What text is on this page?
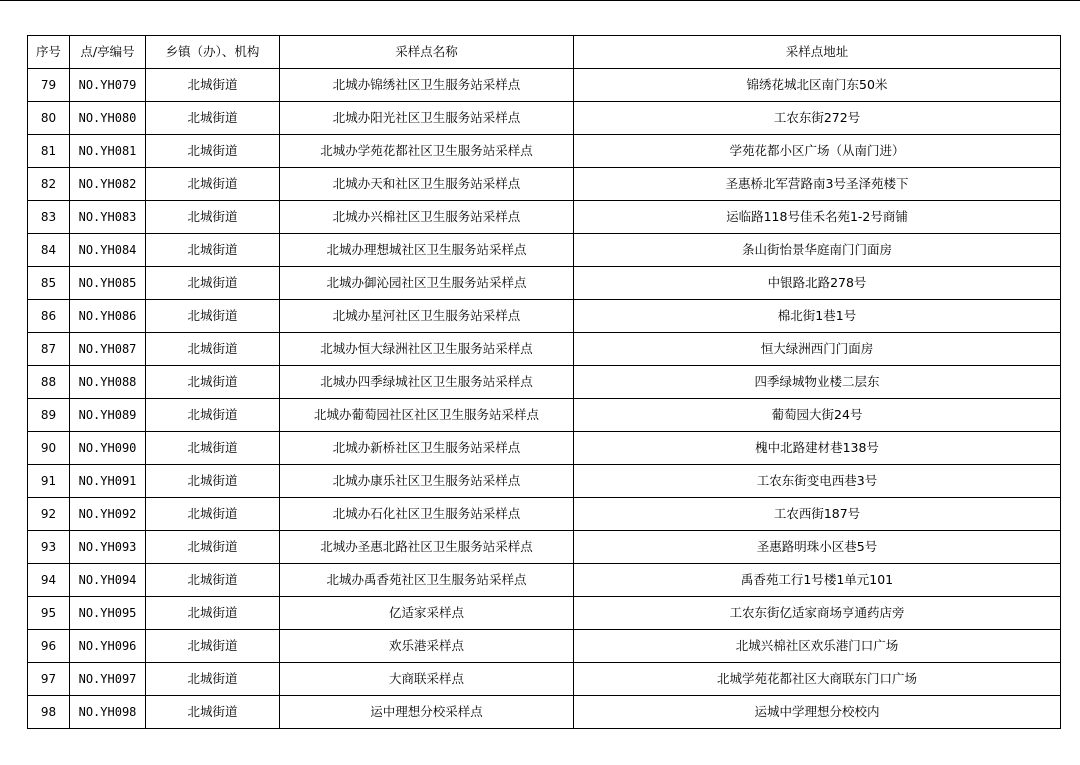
序号	点/亭编号	乡镇（办）、机构	采样点名称	采样点地址
79	NO.YH079	北城街道	北城办锦绣社区卫生服务站采样点	锦绣花城北区南门东50米
80	NO.YH080	北城街道	北城办阳光社区卫生服务站采样点	工农东街272号
81	NO.YH081	北城街道	北城办学苑花都社区卫生服务站采样点	学苑花都小区广场（从南门进）
82	NO.YH082	北城街道	北城办天和社区卫生服务站采样点	圣惠桥北军营路南3号圣泽苑楼下
83	NO.YH083	北城街道	北城办兴棉社区卫生服务站采样点	运临路118号佳禾名苑1-2号商铺
84	NO.YH084	北城街道	北城办理想城社区卫生服务站采样点	条山街怡景华庭南门门面房
85	NO.YH085	北城街道	北城办御沁园社区卫生服务站采样点	中银路北路278号
86	NO.YH086	北城街道	北城办星河社区卫生服务站采样点	棉北街1巷1号
87	NO.YH087	北城街道	北城办恒大绿洲社区卫生服务站采样点	恒大绿洲西门门面房
88	NO.YH088	北城街道	北城办四季绿城社区卫生服务站采样点	四季绿城物业楼二层东
89	NO.YH089	北城街道	北城办葡萄园社区社区卫生服务站采样点	葡萄园大街24号
90	NO.YH090	北城街道	北城办新桥社区卫生服务站采样点	槐中北路建材巷138号
91	NO.YH091	北城街道	北城办康乐社区卫生服务站采样点	工农东街变电西巷3号
92	NO.YH092	北城街道	北城办石化社区卫生服务站采样点	工农西街187号
93	NO.YH093	北城街道	北城办圣惠北路社区卫生服务站采样点	圣惠路明珠小区巷5号
94	NO.YH094	北城街道	北城办禹香苑社区卫生服务站采样点	禹香苑工行1号楼1单元101
95	NO.YH095	北城街道	亿适家采样点	工农东街亿适家商场亨通药店旁
96	NO.YH096	北城街道	欢乐港采样点	北城兴棉社区欢乐港门口广场
97	NO.YH097	北城街道	大商联采样点	北城学苑花都社区大商联东门口广场
98	NO.YH098	北城街道	运中理想分校采样点	运城中学理想分校校内
